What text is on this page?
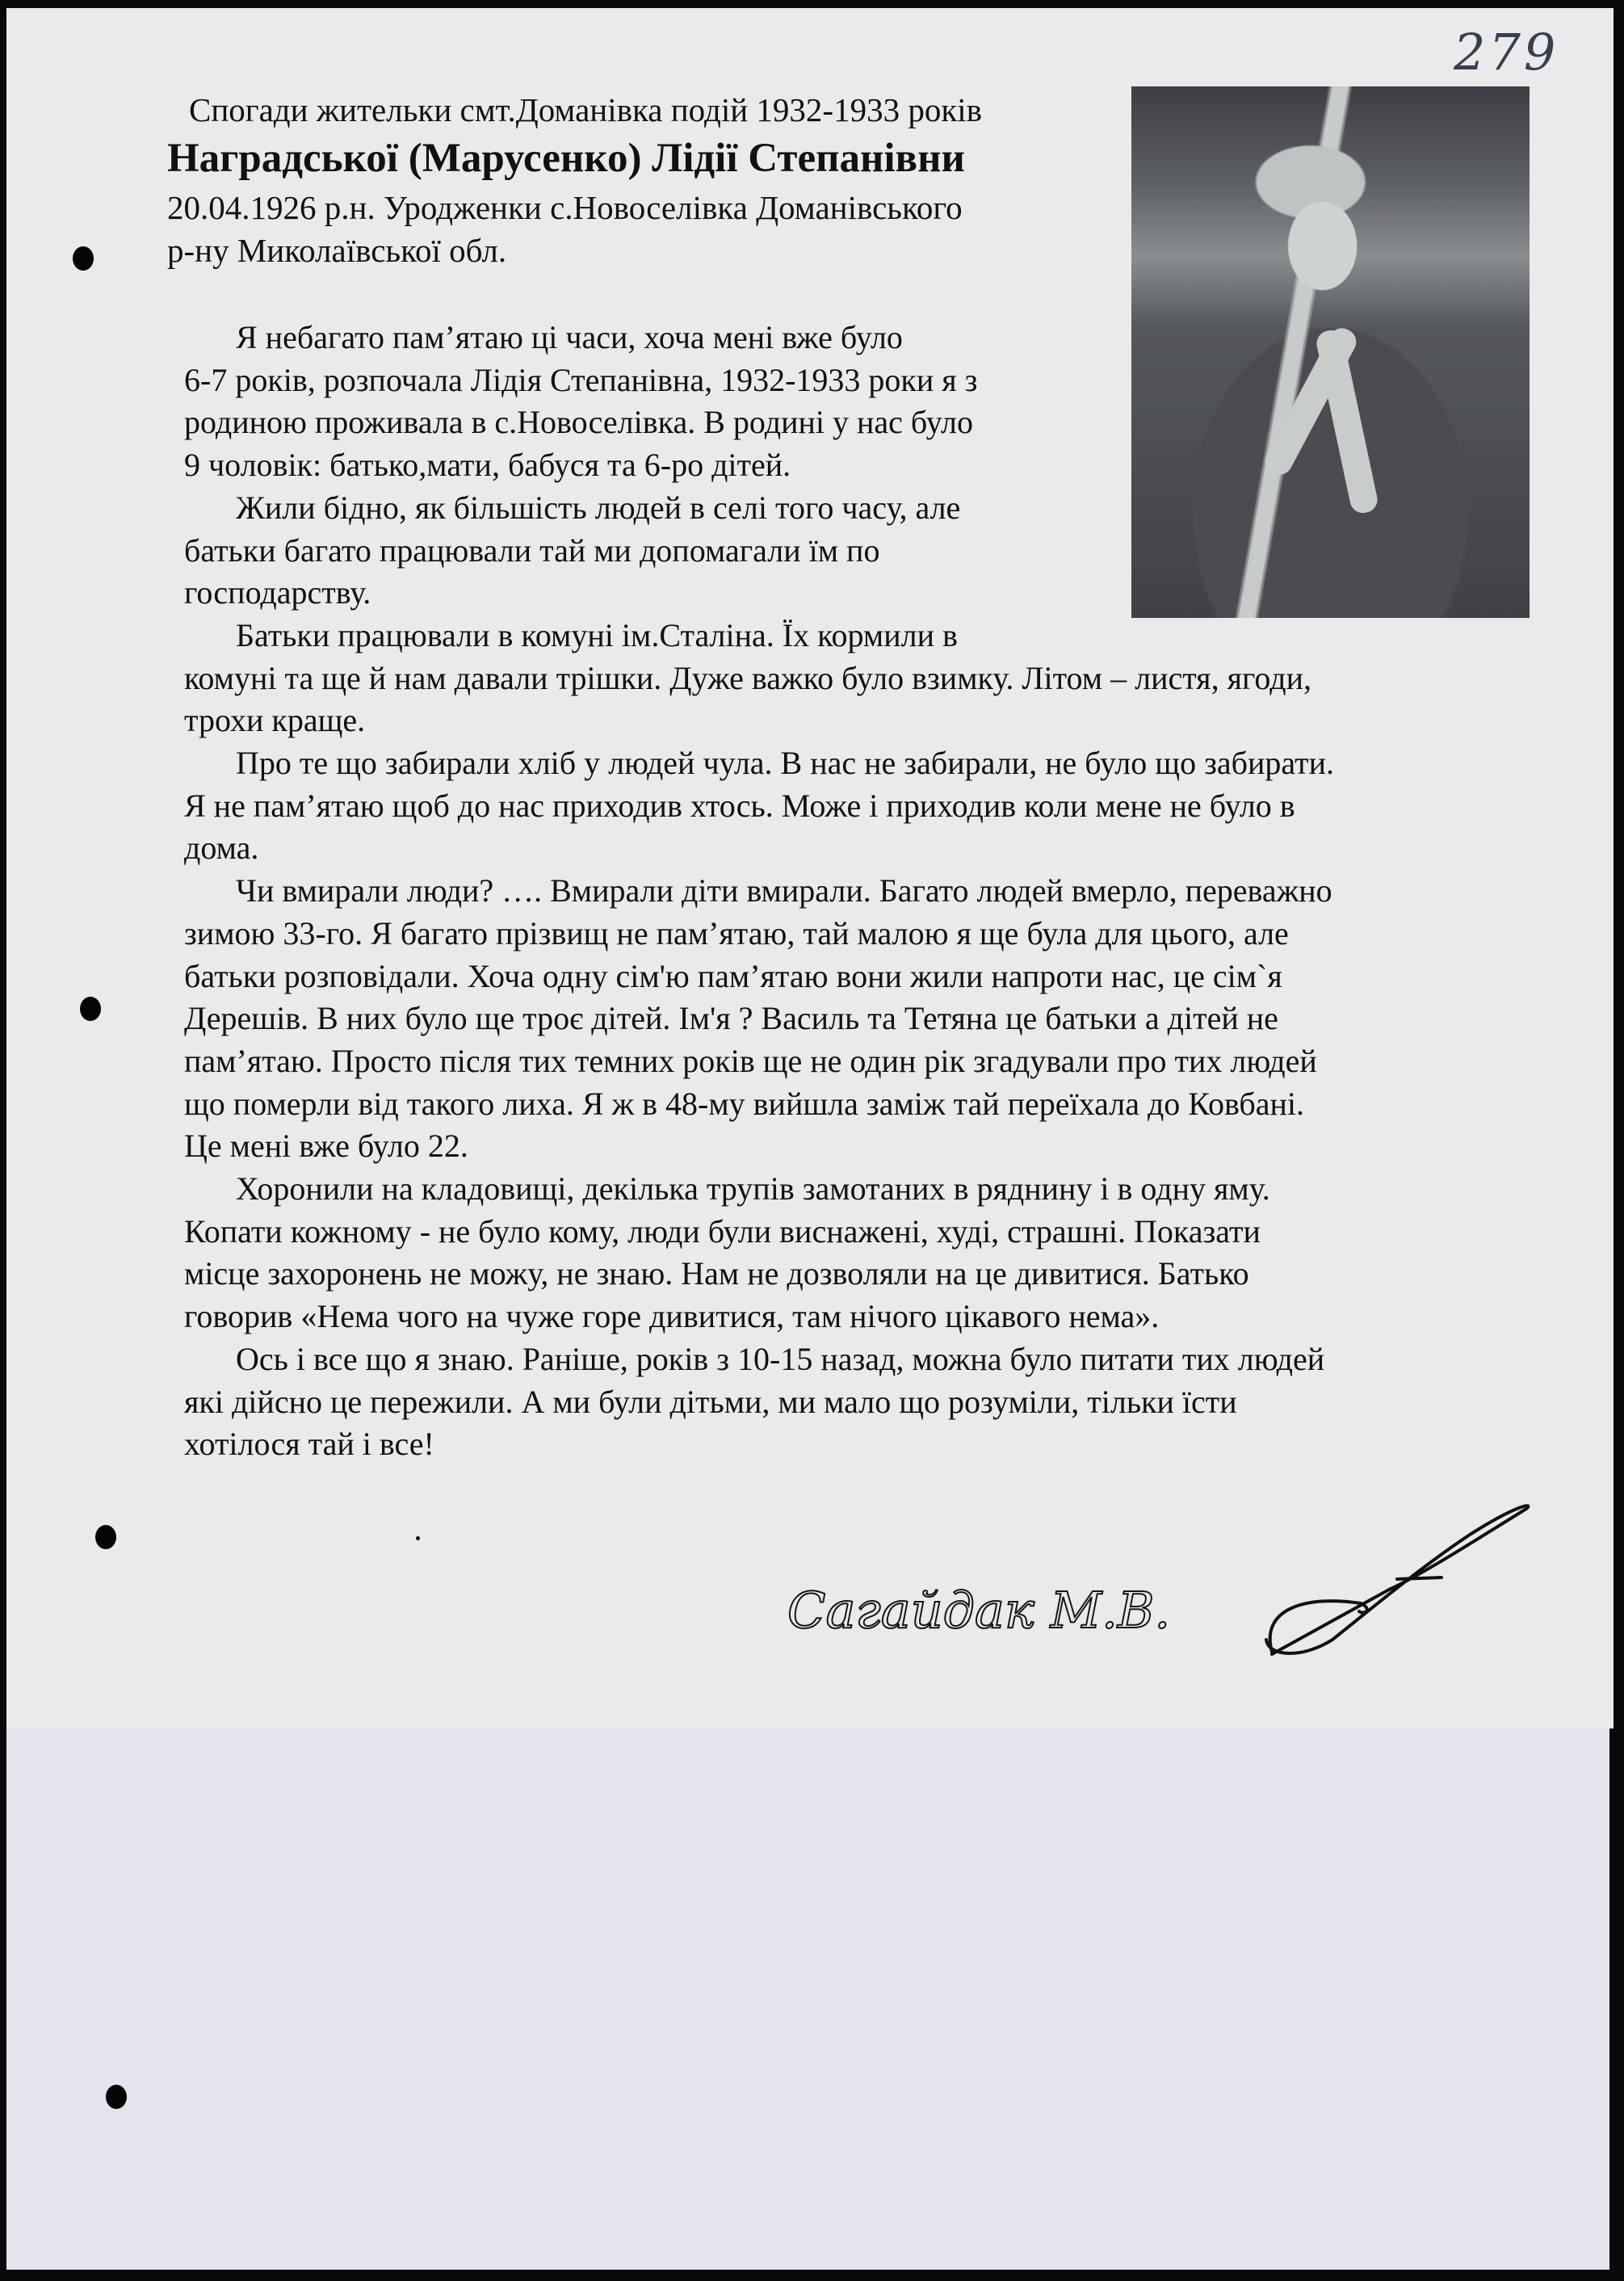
279
Спогади жительки смт.Доманівка подій 1932-1933 років
Наградської (Марусенко) Лідії Степанівни
20.04.1926 р.н. Уродженки с.Новоселівка Доманівського
р-ну Миколаївської обл.
Я небагато пам’ятаю ці часи, хоча мені вже було
6-7 років, розпочала Лідія Степанівна, 1932-1933 роки я з
родиною проживала в с.Новоселівка. В родині у нас було
9 чоловік: батько,мати, бабуся та 6-ро дітей.
Жили бідно, як більшість людей в селі того часу, але
батьки багато працювали тай ми допомагали їм по
господарству.
Батьки працювали в комуні ім.Сталіна. Їх кормили в
комуні та ще й нам давали трішки. Дуже важко було взимку. Літом – листя, ягоди,
трохи краще.
Про те що забирали хліб у людей чула. В нас не забирали, не було що забирати.
Я не пам’ятаю щоб до нас приходив хтось. Може і приходив коли мене не було в
дома.
Чи вмирали люди? …. Вмирали діти вмирали. Багато людей вмерло, переважно
зимою 33-го. Я багато прізвищ не пам’ятаю, тай малою я ще була для цього, але
батьки розповідали. Хоча одну сім'ю пам’ятаю вони жили напроти нас, це сім`я
Дерешів. В них було ще троє дітей. Ім'я ? Василь та Тетяна це батьки а дітей не
пам’ятаю. Просто після тих темних років ще не один рік згадували про тих людей
що померли від такого лиха. Я ж в 48-му вийшла заміж тай переїхала до Ковбані.
Це мені вже було 22.
Хоронили на кладовищі, декілька трупів замотаних в ряднину і в одну яму.
Копати кожному - не було кому, люди були виснажені, худі, страшні. Показати
місце захоронень не можу, не знаю. Нам не дозволяли на це дивитися. Батько
говорив «Нема чого на чуже горе дивитися, там нічого цікавого нема».
Ось і все що я знаю. Раніше, років з 10-15 назад, можна було питати тих людей
які дійсно це пережили. А ми були дітьми, ми мало що розуміли, тільки їсти
хотілося тай і все!
Сагайдак М.В.
